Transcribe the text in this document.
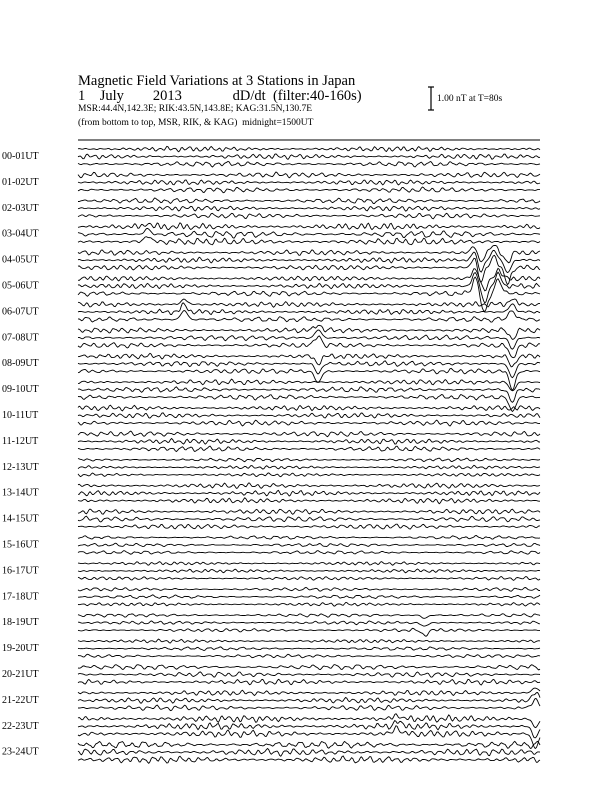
Magnetic Field Variations at 3 Stations in Japan
1    July        2013              dD/dt  (filter:40-160s)
MSR:44.4N,142.3E; RIK:43.5N,143.8E; KAG:31.5N,130.7E
(from bottom to top, MSR, RIK, & KAG)  midnight=1500UT
1.00 nT at T=80s
00-01UT
01-02UT
02-03UT
03-04UT
04-05UT
05-06UT
06-07UT
07-08UT
08-09UT
09-10UT
10-11UT
11-12UT
12-13UT
13-14UT
14-15UT
15-16UT
16-17UT
17-18UT
18-19UT
19-20UT
20-21UT
21-22UT
22-23UT
23-24UT
